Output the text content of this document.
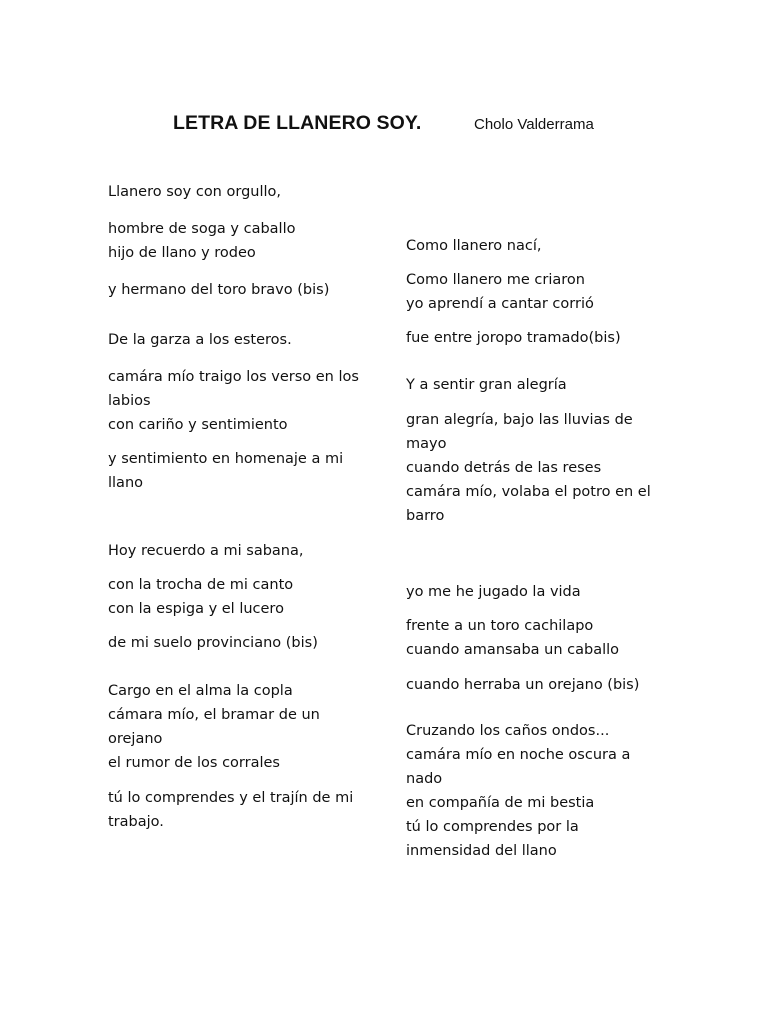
LETRA DE LLANERO SOY.	Cholo Valderrama
Llanero soy con orgullo,
hombre de soga y caballo
hijo de llano y rodeo
y hermano del toro bravo (bis)
De la garza a los esteros.
camára mío traigo los verso en los
labios
con cariño y sentimiento
y sentimiento en homenaje a mi
llano
Hoy recuerdo a mi sabana,
con la trocha de mi canto
con la espiga y el lucero
de mi suelo provinciano (bis)
Cargo en el alma la copla
cámara mío, el bramar de un
orejano
el rumor de los corrales
tú lo comprendes y el trajín de mi
trabajo.
Como llanero nací,
Como llanero me criaron
yo aprendí a cantar corrió
fue entre joropo tramado(bis)
Y a sentir gran alegría
gran alegría, bajo las lluvias de
mayo
cuando detrás de las reses
camára mío, volaba el potro en el
barro
yo me he jugado la vida
frente a un toro cachilapo
cuando amansaba un caballo
cuando herraba un orejano (bis)
Cruzando los caños ondos...
camára mío en noche oscura a
nado
en compañía de mi bestia
tú lo comprendes por la
inmensidad del llano
